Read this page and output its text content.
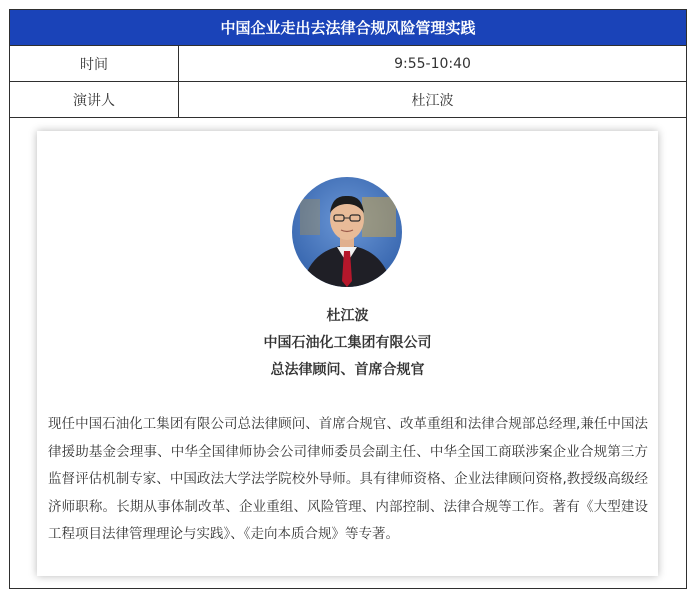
中国企业走出去法律合规风险管理实践
时间	9:55-10:40
演讲人	杜江波
杜江波
中国石油化工集团有限公司
总法律顾问、首席合规官

现任中国石油化工集团有限公司总法律顾问、首席合规官、改革重组和法律合规部总经理,兼任中国法律援助基金会理事、中华全国律师协会公司律师委员会副主任、中华全国工商联涉案企业合规第三方监督评估机制专家、中国政法大学法学院校外导师。具有律师资格、企业法律顾问资格,教授级高级经济师职称。长期从事体制改革、企业重组、风险管理、内部控制、法律合规等工作。著有《大型建设工程项目法律管理理论与实践》、《走向本质合规》等专著。
